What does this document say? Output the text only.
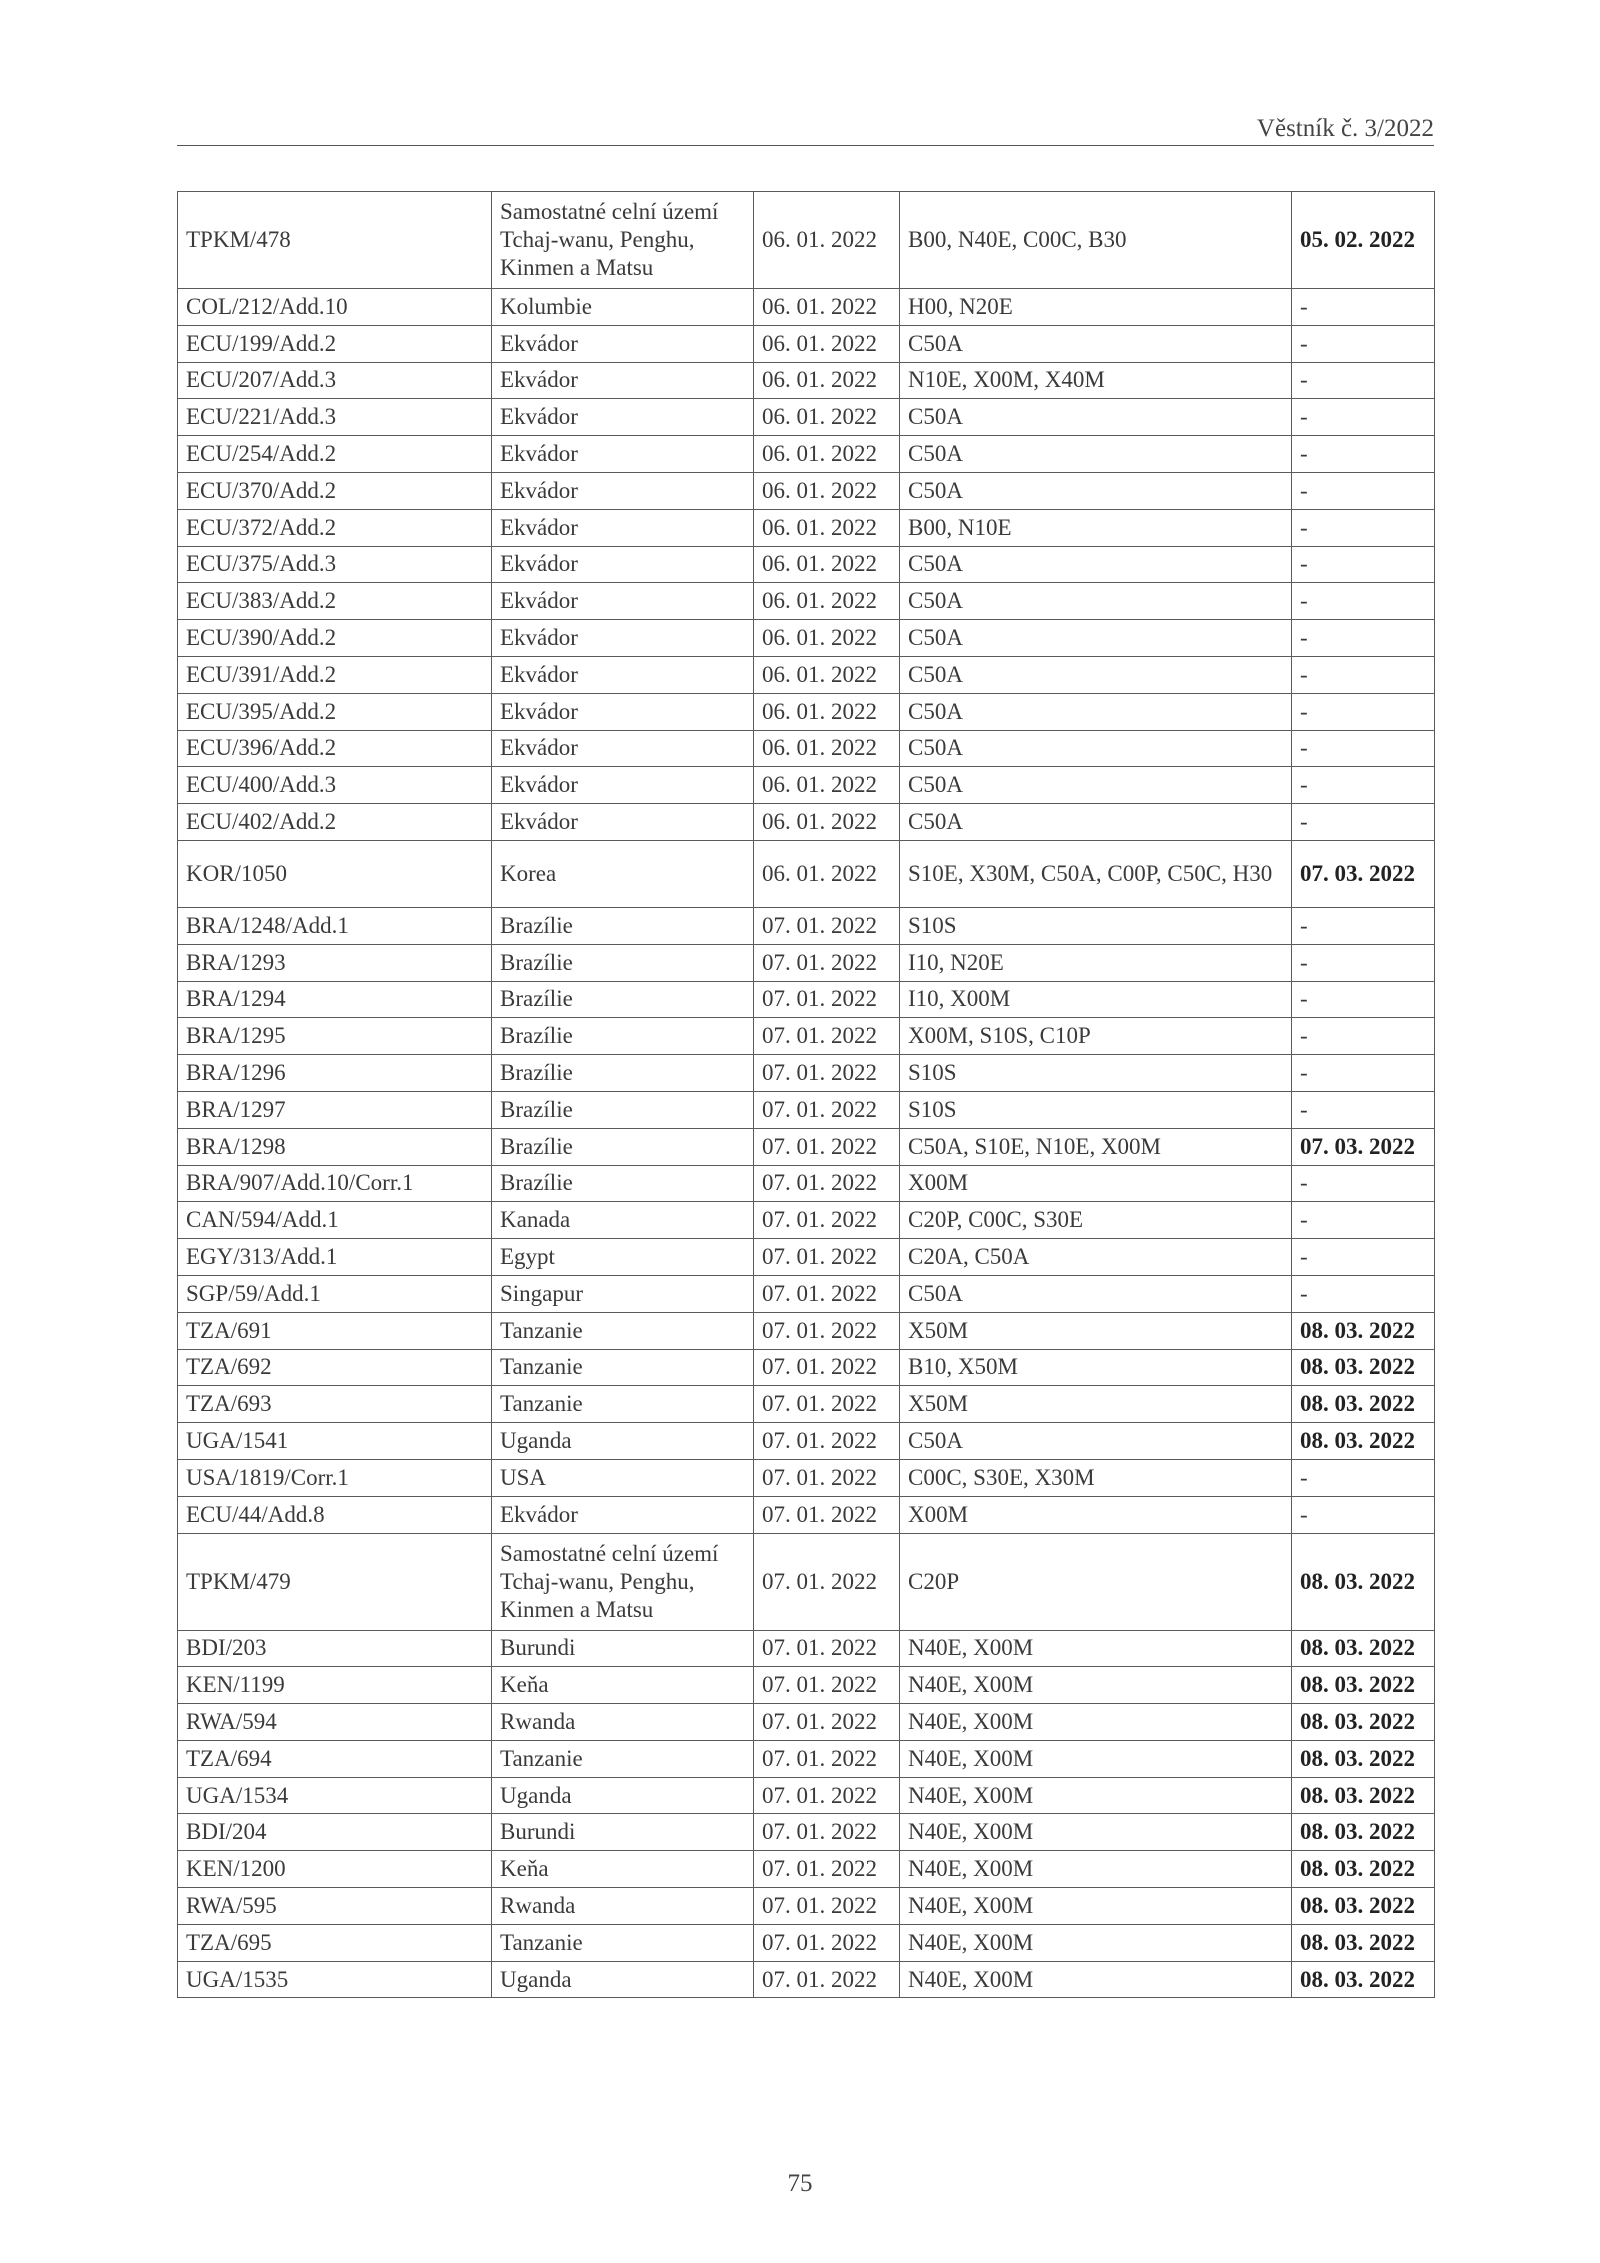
Věstník č. 3/2022
TPKM/478	Samostatné celní území Tchaj-wanu, Penghu, Kinmen a Matsu	06. 01. 2022	B00, N40E, C00C, B30	05. 02. 2022
COL/212/Add.10	Kolumbie	06. 01. 2022	H00, N20E	-
ECU/199/Add.2	Ekvádor	06. 01. 2022	C50A	-
ECU/207/Add.3	Ekvádor	06. 01. 2022	N10E, X00M, X40M	-
ECU/221/Add.3	Ekvádor	06. 01. 2022	C50A	-
ECU/254/Add.2	Ekvádor	06. 01. 2022	C50A	-
ECU/370/Add.2	Ekvádor	06. 01. 2022	C50A	-
ECU/372/Add.2	Ekvádor	06. 01. 2022	B00, N10E	-
ECU/375/Add.3	Ekvádor	06. 01. 2022	C50A	-
ECU/383/Add.2	Ekvádor	06. 01. 2022	C50A	-
ECU/390/Add.2	Ekvádor	06. 01. 2022	C50A	-
ECU/391/Add.2	Ekvádor	06. 01. 2022	C50A	-
ECU/395/Add.2	Ekvádor	06. 01. 2022	C50A	-
ECU/396/Add.2	Ekvádor	06. 01. 2022	C50A	-
ECU/400/Add.3	Ekvádor	06. 01. 2022	C50A	-
ECU/402/Add.2	Ekvádor	06. 01. 2022	C50A	-
KOR/1050	Korea	06. 01. 2022	S10E, X30M, C50A, C00P, C50C, H30	07. 03. 2022
BRA/1248/Add.1	Brazílie	07. 01. 2022	S10S	-
BRA/1293	Brazílie	07. 01. 2022	I10, N20E	-
BRA/1294	Brazílie	07. 01. 2022	I10, X00M	-
BRA/1295	Brazílie	07. 01. 2022	X00M, S10S, C10P	-
BRA/1296	Brazílie	07. 01. 2022	S10S	-
BRA/1297	Brazílie	07. 01. 2022	S10S	-
BRA/1298	Brazílie	07. 01. 2022	C50A, S10E, N10E, X00M	07. 03. 2022
BRA/907/Add.10/Corr.1	Brazílie	07. 01. 2022	X00M	-
CAN/594/Add.1	Kanada	07. 01. 2022	C20P, C00C, S30E	-
EGY/313/Add.1	Egypt	07. 01. 2022	C20A, C50A	-
SGP/59/Add.1	Singapur	07. 01. 2022	C50A	-
TZA/691	Tanzanie	07. 01. 2022	X50M	08. 03. 2022
TZA/692	Tanzanie	07. 01. 2022	B10, X50M	08. 03. 2022
TZA/693	Tanzanie	07. 01. 2022	X50M	08. 03. 2022
UGA/1541	Uganda	07. 01. 2022	C50A	08. 03. 2022
USA/1819/Corr.1	USA	07. 01. 2022	C00C, S30E, X30M	-
ECU/44/Add.8	Ekvádor	07. 01. 2022	X00M	-
TPKM/479	Samostatné celní území Tchaj-wanu, Penghu, Kinmen a Matsu	07. 01. 2022	C20P	08. 03. 2022
BDI/203	Burundi	07. 01. 2022	N40E, X00M	08. 03. 2022
KEN/1199	Keňa	07. 01. 2022	N40E, X00M	08. 03. 2022
RWA/594	Rwanda	07. 01. 2022	N40E, X00M	08. 03. 2022
TZA/694	Tanzanie	07. 01. 2022	N40E, X00M	08. 03. 2022
UGA/1534	Uganda	07. 01. 2022	N40E, X00M	08. 03. 2022
BDI/204	Burundi	07. 01. 2022	N40E, X00M	08. 03. 2022
KEN/1200	Keňa	07. 01. 2022	N40E, X00M	08. 03. 2022
RWA/595	Rwanda	07. 01. 2022	N40E, X00M	08. 03. 2022
TZA/695	Tanzanie	07. 01. 2022	N40E, X00M	08. 03. 2022
UGA/1535	Uganda	07. 01. 2022	N40E, X00M	08. 03. 2022
75
